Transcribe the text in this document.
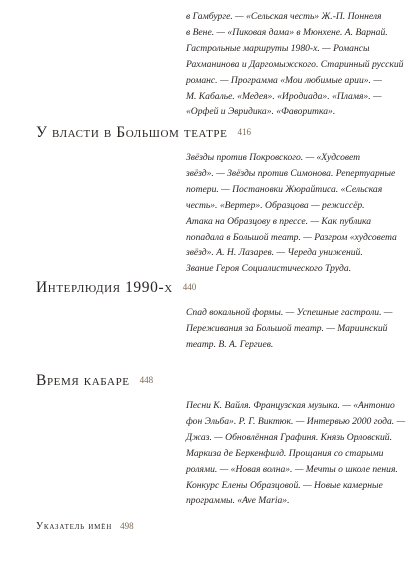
в Гамбурге. — «Сельская честь» Ж.-П. Поннеля
в Вене. — «Пиковая дама» в Мюнхене. А. Варнай.
Гастрольные маршруты 1980-х. — Романсы
Рахманинова и Даргомыжского. Старинный русский
романс. — Программа «Мои любимые арии». —
М. Кабалье. «Медея». «Иродиада». «Пламя». —
«Орфей и Эвридика». «Фаворитка».

У власти в Большом театре 416

Звёзды против Покровского. — «Худсовет
звёзд». — Звёзды против Симонова. Репертуарные
потери. — Постановки Жюрайтиса. «Сельская
честь». «Вертер». Образцова — режиссёр.
Атака на Образцову в прессе. — Как публика
попадала в Большой театр. — Разгром «худсовета
звёзд». А. Н. Лазарев. — Череда унижений.
Звание Героя Социалистического Труда.

Интерлюдия 1990-х 440

Спад вокальной формы. — Успешные гастроли. —
Переживания за Большой театр. — Мариинский
театр. В. А. Гергиев.

Время кабаре 448

Песни К. Вайля. Французская музыка. — «Антонио
фон Эльба». Р. Г. Виктюк. — Интервью 2000 года. —
Джаз. — Обновлённая Графиня. Князь Орловский.
Маркиза де Беркенфилд. Прощания со старыми
ролями. — «Новая волна». — Мечты о школе пения.
Конкурс Елены Образцовой. — Новые камерные
программы. «Ave Maria».

Указатель имён 498
